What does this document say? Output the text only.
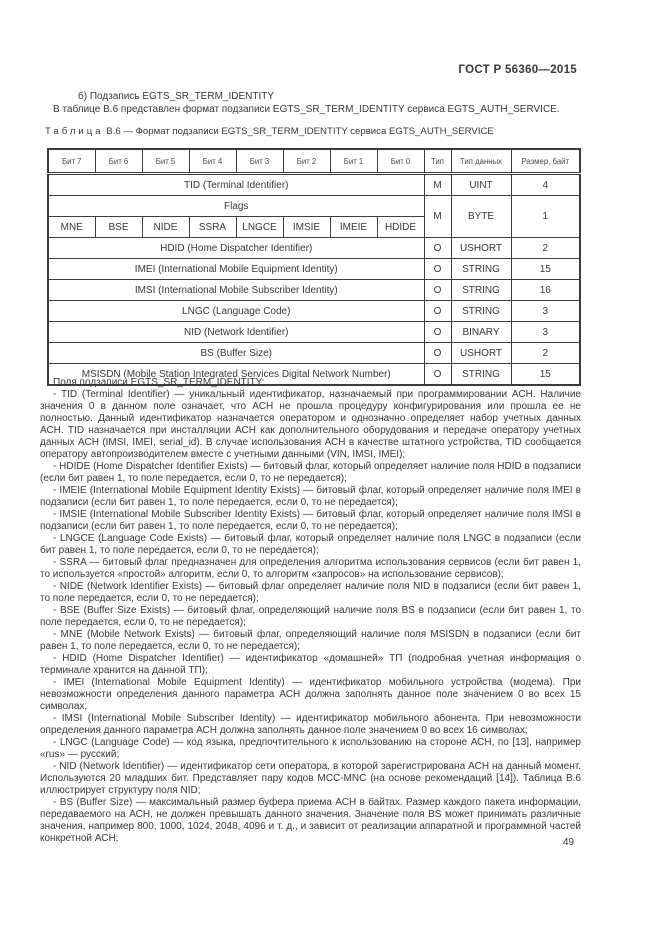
ГОСТ Р 56360—2015
б) Подзапись EGTS_SR_TERM_IDENTITY
В таблице В.6 представлен формат подзаписи EGTS_SR_TERM_IDENTITY сервиса EGTS_AUTH_SERVICE.
Таблица В.6 — Формат подзаписи EGTS_SR_TERM_IDENTITY сервиса EGTS_AUTH_SERVICE
Бит 7	Бит 6	Бит 5	Бит 4	Бит 3	Бит 2	Бит 1	Бит 0	Тип	Тип данных	Размер, байт
TID (Terminal Identifier)								M	UINT	4
Flags								M	BYTE	1
MNE	BSE	NIDE	SSRA	LNGCE	IMSIE	IMEIE	HDIDE			
HDID (Home Dispatcher Identifier)								O	USHORT	2
IMEI (International Mobile Equipment Identity)								O	STRING	15
IMSI (International Mobile Subscriber Identity)								O	STRING	16
LNGC (Language Code)								O	STRING	3
NID (Network Identifier)								O	BINARY	3
BS (Buffer Size)								O	USHORT	2
MSISDN (Mobile Station Integrated Services Digital Network Number)								O	STRING	15

Поля подзаписи EGTS_SR_TERM_IDENTITY:

- TID (Terminal Identifier) — уникальный идентификатор, назначаемый при программировании АСН. Наличие значения 0 в данном поле означает, что АСН не прошла процедуру конфигурирования или прошла ее не полностью. Данный идентификатор назначается оператором и однозначно определяет набор учетных данных АСН. TID назначается при инсталляции АСН как дополнительного оборудования и передаче оператору учетных данных АСН (IMSI, IMEI, serial_id). В случае использования АСН в качестве штатного устройства, TID сообщается оператору автопроизводителем вместе с учетными данными (VIN, IMSI, IMEI);

- HDIDE (Home Dispatcher Identifier Exists) — битовый флаг, который определяет наличие поля HDID в подзаписи (если бит равен 1, то поле передается, если 0, то не передается);

- IMEIE (International Mobile Equipment Identity Exists) — битовый флаг, который определяет наличие поля IMEI в подзаписи (если бит равен 1, то поле передается, если 0, то не передается);

- IMSIE (International Mobile Subscriber Identity Exists) — битовый флаг, который определяет наличие поля IMSI в подзаписи (если бит равен 1, то поле передается, если 0, то не передается);

- LNGCE (Language Code Exists) — битовый флаг, который определяет наличие поля LNGC в подзаписи (если бит равен 1, то поле передается, если 0, то не передается);

- SSRA — битовый флаг предназначен для определения алгоритма использования сервисов (если бит равен 1, то используется «простой» алгоритм, если 0, то алгоритм «запросов» на использование сервисов);

- NIDE (Network Identifier Exists) — битовый флаг определяет наличие поля NID в подзаписи (если бит равен 1, то поле передается, если 0, то не передается);

- BSE (Buffer Size Exists) — битовый флаг, определяющий наличие поля BS в подзаписи (если бит равен 1, то поле передается, если 0, то не передается);

- MNE (Mobile Network Exists) — битовый флаг, определяющий наличие поля MSISDN в подзаписи (если бит равен 1, то поле передается, если 0, то не передается);

- HDID (Home Dispatcher Identifier) — идентификатор «домашней» ТП (подробная учетная информация о терминале хранится на данной ТП);

- IMEI (International Mobile Equipment Identity) — идентификатор мобильного устройства (модема). При невозможности определения данного параметра АСН должна заполнять данное поле значением 0 во всех 15 символах;

- IMSI (International Mobile Subscriber Identity) — идентификатор мобильного абонента. При невозможности определения данного параметра АСН должна заполнять данное поле значением 0 во всех 16 символах;

- LNGC (Language Code) — код языка, предпочтительного к использованию на стороне АСН, по [13], например «rus» — русский;

- NID (Network Identifier) — идентификатор сети оператора, в которой зарегистрирована АСН на данный момент. Используются 20 младших бит. Представляет пару кодов MCC-MNC (на основе рекомендаций [14]). Таблица В.6 иллюстрирует структуру поля NID;

- BS (Buffer Size) — максимальный размер буфера приема АСН в байтах. Размер каждого пакета информации, передаваемого на АСН, не должен превышать данного значения. Значение поля BS может принимать различные значения, например 800, 1000, 1024, 2048, 4096 и т. д., и зависит от реализации аппаратной и программной частей конкретной АСН;	49
